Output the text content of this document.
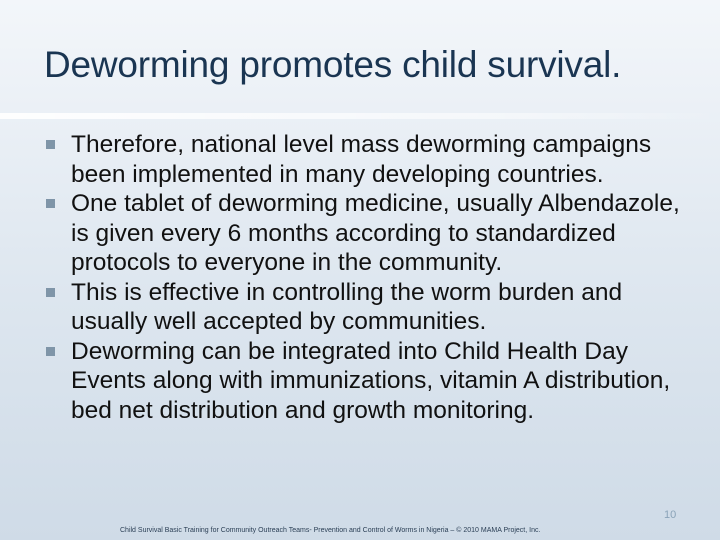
Deworming promotes child survival.
Therefore, national level mass deworming campaigns been implemented in many developing countries.
One tablet of deworming medicine, usually Albendazole, is given every 6 months according to standardized protocols to everyone in the community.
This is effective in controlling the worm burden and usually well accepted by communities.
Deworming can be integrated into Child Health Day Events along with immunizations, vitamin A distribution, bed net distribution and growth monitoring.
Child Survival Basic Training for Community Outreach Teams- Prevention and Control of Worms in Nigeria – © 2010 MAMA Project, Inc.
10
